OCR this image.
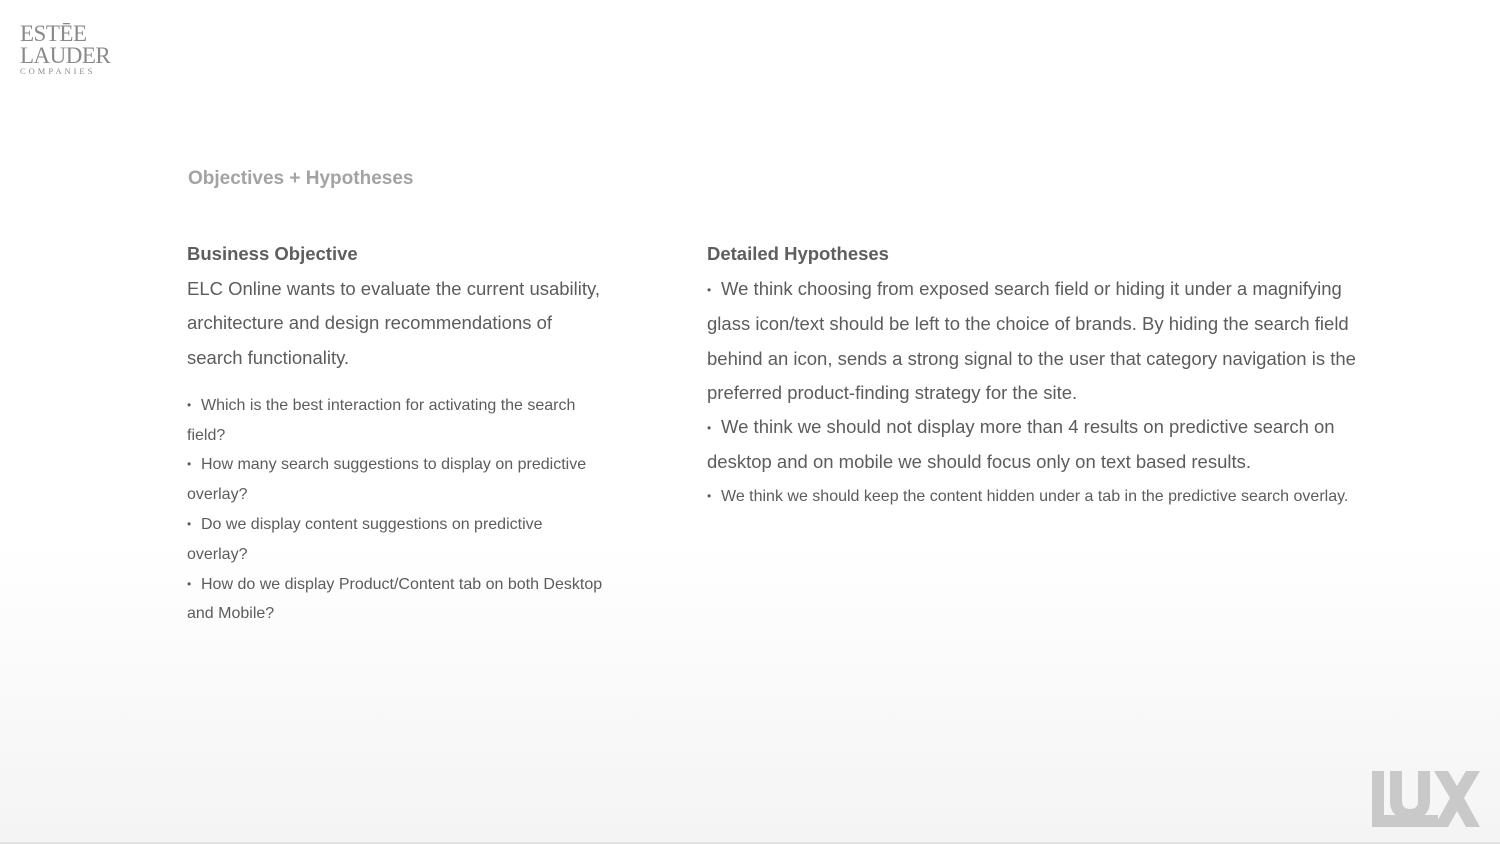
ESTĒE
LAUDER
COMPANIES
Objectives + Hypotheses
Business Objective

ELC Online wants to evaluate the current usability, architecture and design recommendations of search functionality.

• Which is the best interaction for activating the search field?
• How many search suggestions to display on predictive overlay?
• Do we display content suggestions on predictive overlay?
• How do we display Product/Content tab on both Desktop and Mobile?
Detailed Hypotheses
• We think choosing from exposed search field or hiding it under a magnifying glass icon/text should be left to the choice of brands. By hiding the search field behind an icon, sends a strong signal to the user that category navigation is the preferred product-finding strategy for the site.
• We think we should not display more than 4 results on predictive search on desktop and on mobile we should focus only on text based results.
• We think we should keep the content hidden under a tab in the predictive search overlay.
